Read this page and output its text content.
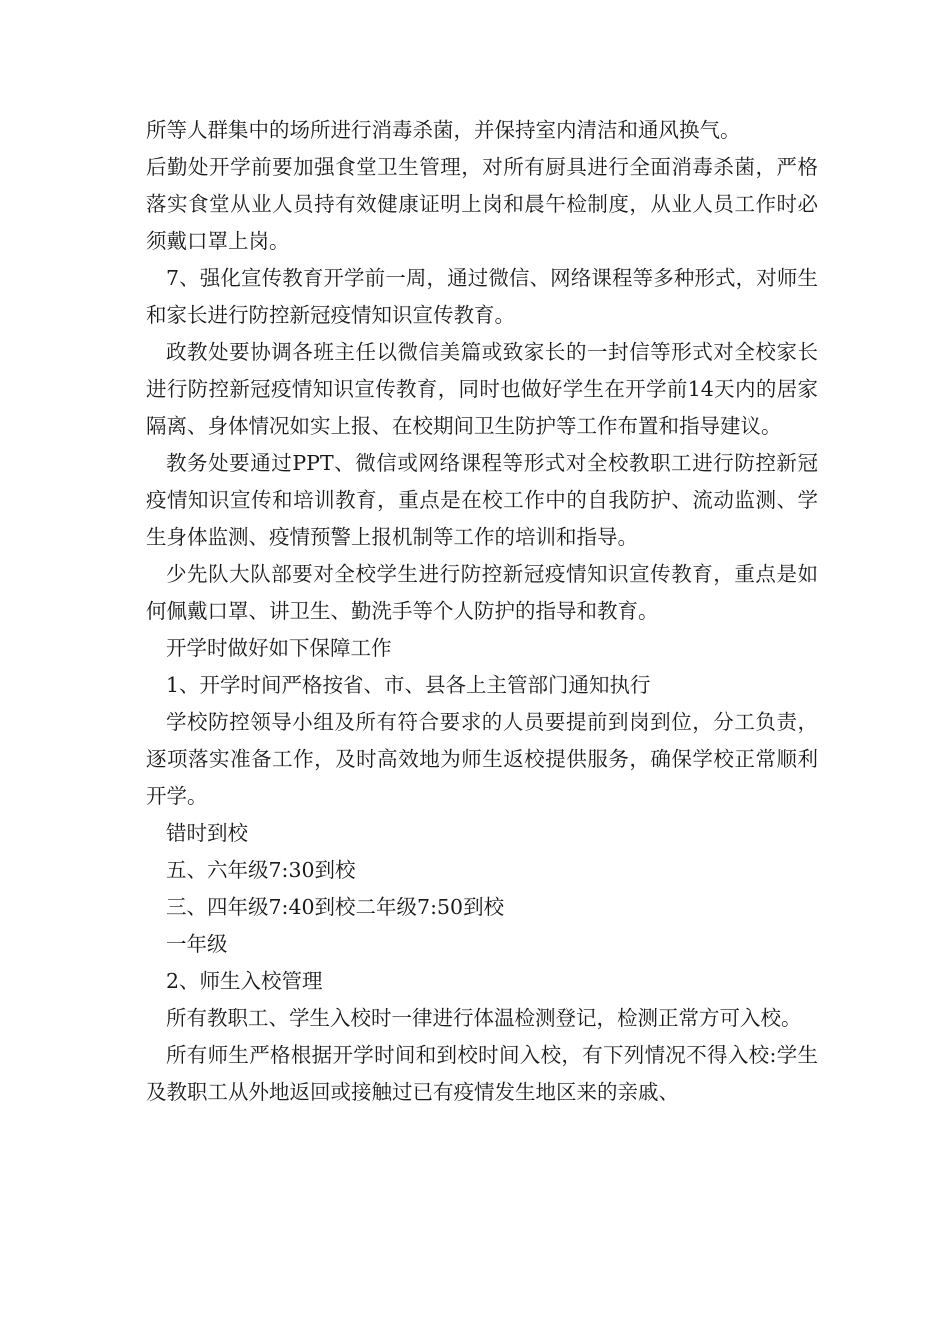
所等人群集中的场所进行消毒杀菌，并保持室内清洁和通风换气。

后勤处开学前要加强食堂卫生管理，对所有厨具进行全面消毒杀菌，严格落实食堂从业人员持有效健康证明上岗和晨午检制度，从业人员工作时必须戴口罩上岗。

7、强化宣传教育开学前一周，通过微信、网络课程等多种形式，对师生和家长进行防控新冠疫情知识宣传教育。

政教处要协调各班主任以微信美篇或致家长的一封信等形式对全校家长进行防控新冠疫情知识宣传教育，同时也做好学生在开学前14天内的居家隔离、身体情况如实上报、在校期间卫生防护等工作布置和指导建议。

教务处要通过PPT、微信或网络课程等形式对全校教职工进行防控新冠疫情知识宣传和培训教育，重点是在校工作中的自我防护、流动监测、学生身体监测、疫情预警上报机制等工作的培训和指导。

少先队大队部要对全校学生进行防控新冠疫情知识宣传教育，重点是如何佩戴口罩、讲卫生、勤洗手等个人防护的指导和教育。

开学时做好如下保障工作

1、开学时间严格按省、市、县各上主管部门通知执行

学校防控领导小组及所有符合要求的人员要提前到岗到位，分工负责，逐项落实准备工作，及时高效地为师生返校提供服务，确保学校正常顺利开学。

错时到校

五、六年级7:30到校

三、四年级7:40到校二年级7:50到校

一年级

2、师生入校管理

所有教职工、学生入校时一律进行体温检测登记，检测正常方可入校。

所有师生严格根据开学时间和到校时间入校，有下列情况不得入校:学生及教职工从外地返回或接触过已有疫情发生地区来的亲戚、
